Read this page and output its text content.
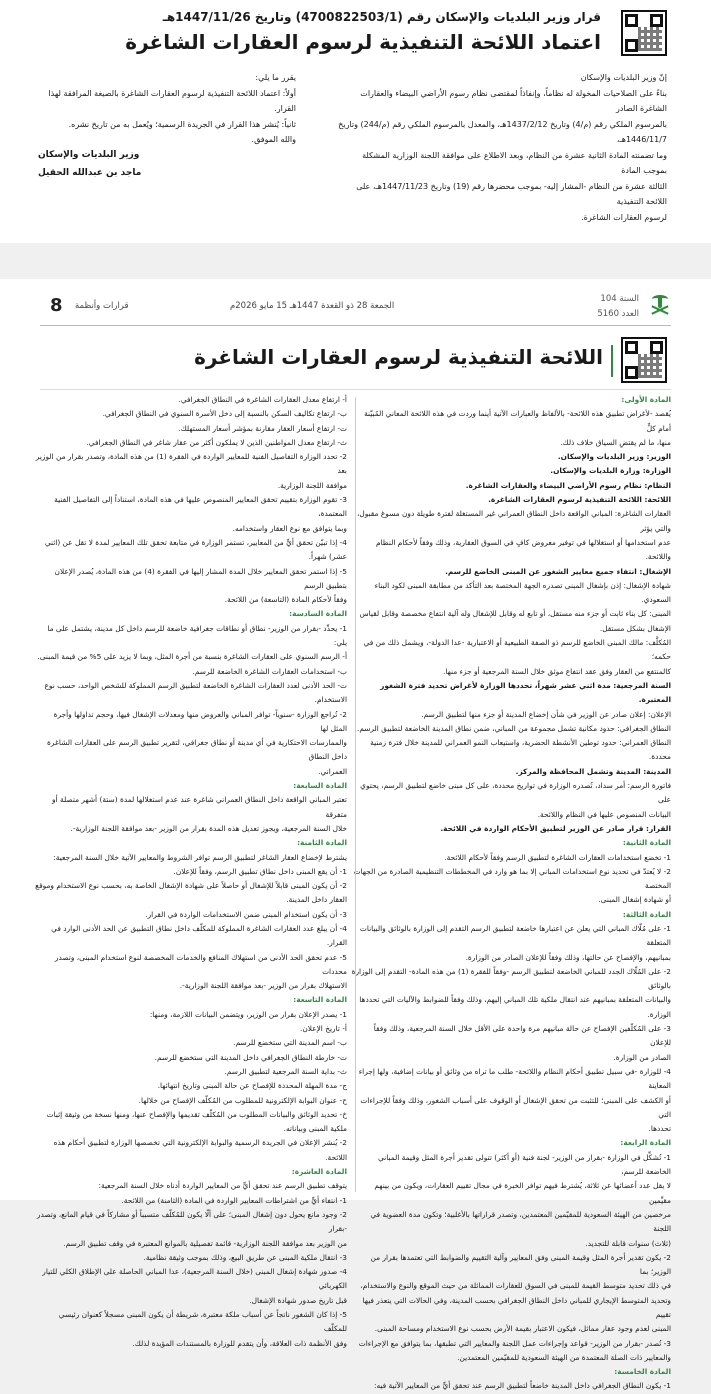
قرار وزير البلديات والإسكان رقم (4700822503/1) وتاريخ 1447/11/26هـ
اعتماد اللائحة التنفيذية لرسوم العقارات الشاغرة

إنّ وزير البلديات والإسكان

بناءً على الصلاحيات المخولة له نظاماً، وإنفاذاً لمقتضى نظام رسوم الأراضي البيضاء والعقارات الشاغرة الصادر

بالمرسوم الملكي رقم (م/4) وتاريخ 1437/2/12هـ، والمعدل بالمرسوم الملكي رقم (م/244) وتاريخ 1446/11/7هـ،

وما تضمنته المادة الثانية عشرة من النظام، وبعد الاطلاع على موافقة اللجنة الوزارية المشكلة بموجب المادة

الثالثة عشرة من النظام -المشار إليه- بموجب محضرها رقم (19) وتاريخ 1447/11/23هـ، على اللائحة التنفيذية

لرسوم العقارات الشاغرة.

يقرر ما يلي:

أولاً: اعتماد اللائحة التنفيذية لرسوم العقارات الشاغرة بالصيغة المرافقة لهذا القرار.

ثانياً: يُنشر هذا القرار في الجريدة الرسمية؛ ويُعمل به من تاريخ نشره.

والله الموفق.

وزير البلديات والإسكان
ماجد بن عبدالله الحقيل
السنة 104
العدد 5160
الجمعة 28 ذو القعدة 1447هـ 15 مايو 2026م
قرارات وأنظمة
8
اللائحة التنفيذية لرسوم العقارات الشاغرة

المادة الأولى:

يُقصد -لأغراض تطبيق هذه اللائحة- بالألفاظ والعبارات الآتية أينما وردت في هذه اللائحة المعاني المُبيّنة أمام كلٍّ

منها، ما لم يقتضِ السياق خلاف ذلك.

الوزير: وزير البلديات والإسكان.

الوزارة: وزارة البلديات والإسكان.

النظام: نظام رسوم الأراضي البيضاء والعقارات الشاغرة.

اللائحة: اللائحة التنفيذية لرسوم العقارات الشاغرة.

العقارات الشاغرة: المباني الواقعة داخل النطاق العمراني غير المستغلة لفترة طويلة دون مسوغ مقبول، والتي يؤثر

عدم استخدامها أو استغلالها في توفير معروض كافٍ في السوق العقارية، وذلك وفقاً لأحكام النظام واللائحة.

الإشغال: انتفاء جميع معايير الشغور عن المبنى الخاضع للرسم.

شهادة الإشغال: إذن بإشغال المبنى تصدره الجهة المختصة بعد التأكد من مطابقة المبنى لكود البناء السعودي.

المبنى: كل بناء ثابت أو جزء منه مستقل، أو تابع له وقابل للإشغال وله آلية انتفاع مخصصة وقابل لقياس

الإشغال بشكل مستقل.

المُكلَّف: مالك المبنى الخاضع للرسم ذو الصفة الطبيعية أو الاعتبارية -عدا الدولة-، ويشمل ذلك من في حكمه؛

كالمنتفع من العقار وفق عقد انتفاع موثق خلال السنة المرجعية أو جزء منها.

السنة المرجعية: مدة اثني عشر شهراً، تحددها الوزارة لأغراض تحديد فترة الشغور المعتبرة.

الإعلان: إعلان صادر عن الوزير في شأن إخضاع المدينة أو جزء منها لتطبيق الرسم.

النطاق الجغرافي: حدود مكانية تشمل مجموعة من المباني، ضمن نطاق المدينة الخاضعة لتطبيق الرسم.

النطاق العمراني: حدود توطين الأنشطة الحضرية، واستيعاب النمو العمراني للمدينة خلال فترة زمنية

محددة.

المدينة: المدينة وتشمل المحافظة والمركز.

فاتورة الرسم: أمر سداد، تُصدره الوزارة في تواريخ محددة، على كل مبنى خاضع لتطبيق الرسم، يحتوي على

البيانات المنصوص عليها في النظام واللائحة.

القرار: قرار صادر عن الوزير لتطبيق الأحكام الواردة في اللائحة.

المادة الثانية:

1- تخضع استخدامات العقارات الشاغرة لتطبيق الرسم وفقاً لأحكام اللائحة.

2- لا يُعتدّ في تحديد نوع استخدامات المباني إلا بما هو وارد في المخططات التنظيمية الصادرة من الجهات المختصة

أو شهادة إشغال المبنى.

المادة الثالثة:

1- على مُلّاك المباني التي يعلن عن اعتبارها خاضعة لتطبيق الرسم التقدم إلى الوزارة بالوثائق والبيانات المتعلقة

بمبانيهم، والإفصاح عن حالتها، وذلك وفقاً للإعلان الصادر من الوزارة.

2- على المُلّاك الجدد للمباني الخاضعة لتطبيق الرسم -وفقاً للفقرة (1) من هذه المادة- التقدم إلى الوزارة بالوثائق

والبيانات المتعلقة بمبانيهم عند انتقال ملكية تلك المباني إليهم، وذلك وفقاً للضوابط والآليات التي تحددها الوزارة.

3- على المُكلّفين الإفصاح عن حالة مبانيهم مرة واحدة على الأقل خلال السنة المرجعية، وذلك وفقاً للإعلان

الصادر من الوزارة.

4- للوزارة -في سبيل تطبيق أحكام النظام واللائحة- طلب ما تراه من وثائق أو بيانات إضافية، ولها إجراء المعاينة

أو الكشف على المبنى؛ للتثبت من تحقق الإشغال أو الوقوف على أسباب الشغور، وذلك وفقاً للإجراءات التي

تحددها.

المادة الرابعة:

1- تُشكِّل في الوزارة -بقرار من الوزير- لجنة فنية (أو أكثر) تتولى تقدير أجرة المثل وقيمة المباني الخاضعة للرسم،

لا يقل عدد أعضائها عن ثلاثة، يُشترط فيهم توافر الخبرة في مجال تقييم العقارات، ويكون من بينهم مقيِّمين

مرخصين من الهيئة السعودية للمقيّمين المعتمدين، وتصدر قراراتها بالأغلبية؛ وتكون مدة العضوية في اللجنة

(ثلاث) سنوات قابلة للتجديد.

2- يكون تقدير أجرة المثل وقيمة المبنى وفق المعايير وآلية التقييم والضوابط التي تعتمدها بقرار من الوزير؛ بما

في ذلك تحديد متوسط القيمة للمبنى في السوق للعقارات المماثلة من حيث الموقع والنوع والاستخدام،

وتحديد المتوسط الإيجاري للمباني داخل النطاق الجغرافي بحسب المدينة، وفي الحالات التي يتعذر فيها تقييم

المبنى لعدم وجود عقار مماثل، فيكون الاعتبار بقيمة الأرض بحسب نوع الاستخدام ومساحة المبنى.

3- تُصدر -بقرار من الوزير- قواعد وإجراءات عمل اللجنة والمعايير التي تطبقها، بما يتوافق مع الإجراءات

والمعايير ذات الصلة المعتمدة من الهيئة السعودية للمقيّمين المعتمدين.

المادة الخامسة:

1- يكون النطاق الجغرافي داخل المدينة خاضعاً لتطبيق الرسم عند تحقق أيٍّ من المعايير الآتية فيه:

أ- ارتفاع معدل العقارات الشاغرة في النطاق الجغرافي.

ب- ارتفاع تكاليف السكن بالنسبة إلى دخل الأسرة السنوي في النطاق الجغرافي.

ت- ارتفاع أسعار العقار مقارنة بمؤشر أسعار المستهلك.

ث- ارتفاع معدل المواطنين الذين لا يملكون أكثر من عقار شاغر في النطاق الجغرافي.

2- تحدد الوزارة التفاصيل الفنية للمعايير الواردة في الفقرة (1) من هذه المادة، وتصدر بقرار من الوزير بعد

موافقة اللجنة الوزارية.

3- تقوم الوزارة بتقييم تحقق المعايير المنصوص عليها في هذه المادة، استناداً إلى التفاصيل الفنية المعتمدة،

وبما يتوافق مع نوع العقار واستخدامه.

4- إذا تبيّن تحقق أيٍّ من المعايير، تستمر الوزارة في متابعة تحقق تلك المعايير لمدة لا تقل عن (اثني عشر) شهراً.

5- إذا استمر تحقق المعايير خلال المدة المشار إليها في الفقرة (4) من هذه المادة، يُصدر الإعلان بتطبيق الرسم

وفقاً لأحكام المادة (التاسعة) من اللائحة.

المادة السادسة:

1- يحدِّد -بقرار من الوزير- نطاق أو نطاقات جغرافية خاضعة للرسم داخل كل مدينة، يشتمل على ما يلي:

أ- الرسم السنوي على العقارات الشاغرة بنسبة من أجرة المثل، وبما لا يزيد على 5% من قيمة المبنى.

ب- استخدامات العقارات الشاغرة الخاضعة للرسم.

ت- الحد الأدنى لعدد العقارات الشاغرة الخاضعة لتطبيق الرسم المملوكة للشخص الواحد، حسب نوع

الاستخدام.

2- تُراجع الوزارة -سنوياً- توافر المباني والعروض منها ومعدلات الإشغال فيها، وحجم تداولها وأجرة المثل لها

والممارسات الاحتكارية في أي مدينة أو نطاق جغرافي، لتقرير تطبيق الرسم على العقارات الشاغرة داخل النطاق

العمراني.

المادة السابعة:

تعتبر المباني الواقعة داخل النطاق العمراني شاغرة عند عدم استغلالها لمدة (ستة) أشهر متصلة أو متفرقة

خلال السنة المرجعية، ويجوز تعديل هذه المدة بقرار من الوزير -بعد موافقة اللجنة الوزارية-.

المادة الثامنة:

يشترط لإخضاع العقار الشاغر لتطبيق الرسم توافر الشروط والمعايير الآتية خلال السنة المرجعية:

1- أن يقع المبنى داخل نطاق تطبيق الرسم، وفقاً للإعلان.

2- أن يكون المبنى قابلاً للإشغال أو حاصلاً على شهادة الإشغال الخاصة به، بحسب نوع الاستخدام وموقع

العقار داخل المدينة.

3- أن يكون استخدام المبنى ضمن الاستخدامات الواردة في القرار.

4- أن يبلغ عدد العقارات الشاغرة المملوكة للمكلّف داخل نطاق التطبيق عن الحد الأدنى الوارد في القرار.

5- عدم تحقق الحد الأدنى من استهلاك المنافع والخدمات المخصصة لنوع استخدام المبنى، وتصدر محددات

الاستهلاك بقرار من الوزير -بعد موافقة اللجنة الوزارية-.

المادة التاسعة:

1- يصدر الإعلان بقرار من الوزير، ويتضمن البيانات اللازمة، ومنها:

أ- تاريخ الإعلان.

ب- اسم المدينة التي ستخضع للرسم.

ت- خارطة النطاق الجغرافي داخل المدينة التي ستخضع للرسم.

ث- بداية السنة المرجعية لتطبيق الرسم.

ج- مدة المهلة المحددة للإفصاح عن حالة المبنى وتاريخ انتهائها.

ح- عنوان البوابة الإلكترونية للمطلوب من المُكلّف الإفصاح من خلالها.

خ- تحديد الوثائق والبيانات المطلوب من المُكلّف تقديمها والإفصاح عنها، ومنها نسخة من وثيقة إثبات

ملكية المبنى وبياناته.

2- يُنشر الإعلان في الجريدة الرسمية والبوابة الإلكترونية التي تخصصها الوزارة لتطبيق أحكام هذه اللائحة.

المادة العاشرة:

يتوقف تطبيق الرسم عند تحقق أيٍّ من المعايير الواردة أدناه خلال السنة المرجعية:

1- انتفاء أيٍّ من اشتراطات المعايير الواردة في المادة (الثامنة) من اللائحة.

2- وجود مانع يحول دون إشغال المبنى؛ على ألّا يكون للمُكلّف متسبباً أو مشاركاً في قيام المانع، وتصدر -بقرار

من الوزير بعد موافقة اللجنة الوزارية- قائمة تفصيلية بالموانع المعتبرة في وقف تطبيق الرسم.

3- انتقال ملكية المبنى عن طريق البيع، وذلك بموجب وثيقة نظامية.

4- صدور شهادة إشغال المبنى (خلال السنة المرجعية)، عدا المباني الحاصلة على الإطلاق الكلي للتيار الكهربائي

قبل تاريخ صدور شهادة الإشغال.

5- إذا كان الشغور ناتجاً عن أسباب ملكة معتبرة، شريطة أن يكون المبنى مسجلاً كعنوان رئيسي للمكلّف

وفق الأنظمة ذات العلاقة، وأن يتقدم للوزارة بالمستندات المؤيدة لذلك.
